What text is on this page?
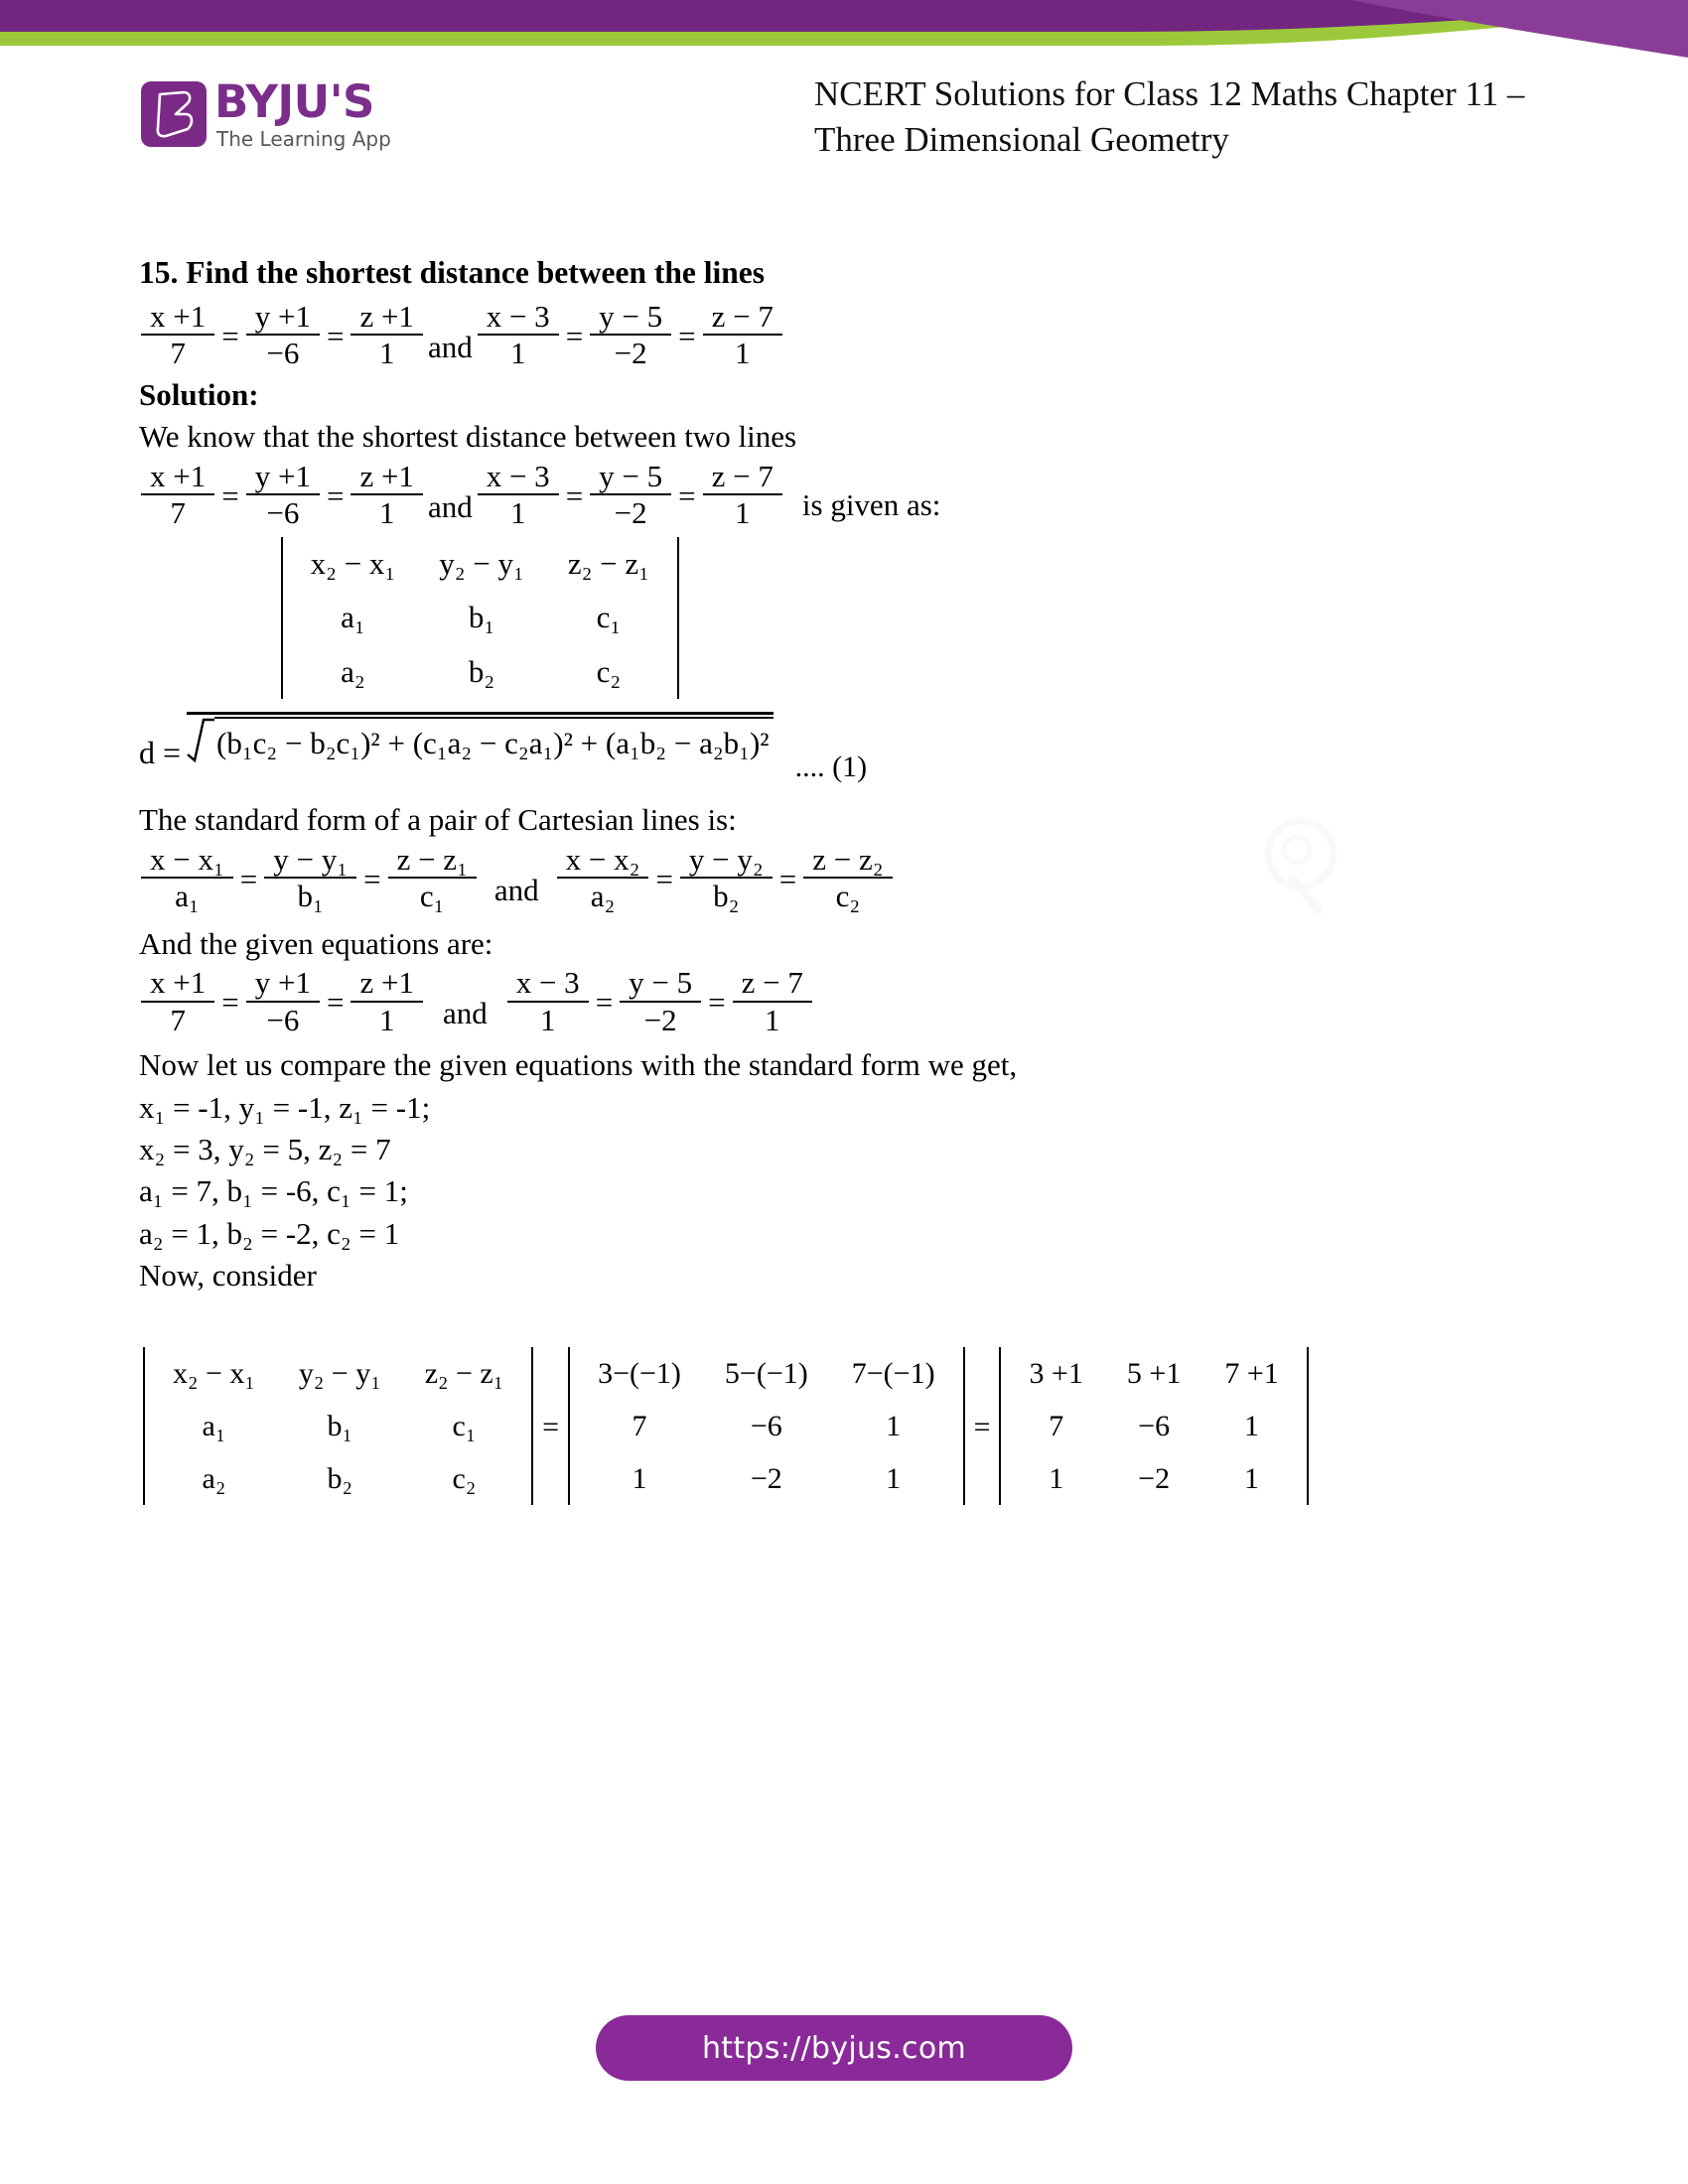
BYJU'S
The Learning App
NCERT Solutions for Class 12 Maths Chapter 11 –
Three Dimensional Geometry
15. Find the shortest distance between the lines
$\frac{x +1}{7} = \frac{y +1}{-6} = \frac{z +1}{1}$ and $\frac{x - 3}{1} = \frac{y - 5}{-2} = \frac{z - 7}{1}$
Solution:
We know that the shortest distance between two lines
$\frac{x +1}{7} = \frac{y +1}{-6} = \frac{z +1}{1}$ and $\frac{x - 3}{1} = \frac{y - 5}{-2} = \frac{z - 7}{1}$ is given as:
d =
x₂ − x₁	y₂ − y₁	z₂ − z₁
a₁	b₁	c₁
a₂	b₂	c₂
(b₁c₂ − b₂c₁)² + (c₁a₂ − c₂a₁)² + (a₁b₂ − a₂b₁)²
.... (1)
The standard form of a pair of Cartesian lines is:
$\frac{\text{x − x₁}}{\text{a₁}} = \frac{\text{y − y₁}}{\text{b₁}} = \frac{\text{z − z₁}}{\text{c₁}}$ and $\frac{\text{x − x₂}}{\text{a₂}} = \frac{\text{y − y₂}}{\text{b₂}} = \frac{\text{z − z₂}}{\text{c₂}}$
And the given equations are:
$\frac{x +1}{7} = \frac{y +1}{-6} = \frac{z +1}{1}$ and $\frac{x - 3}{1} = \frac{y - 5}{-2} = \frac{z - 7}{1}$
Now let us compare the given equations with the standard form we get,
x₁ = -1, y₁ = -1, z₁ = -1;
x₂ = 3, y₂ = 5, z₂ = 7
a₁ = 7, b₁ = -6, c₁ = 1;
a₂ = 1, b₂ = -2, c₂ = 1
Now, consider
x₂ − x₁	y₂ − y₁	z₂ − z₁
a₁	b₁	c₁
a₂	b₂	c₂
=
3−(−1)	5−(−1)	7−(−1)
7	−6	1
1	−2	1
=
3 +1	5 +1	7 +1
7	−6	1
1	−2	1
https://byjus.com
